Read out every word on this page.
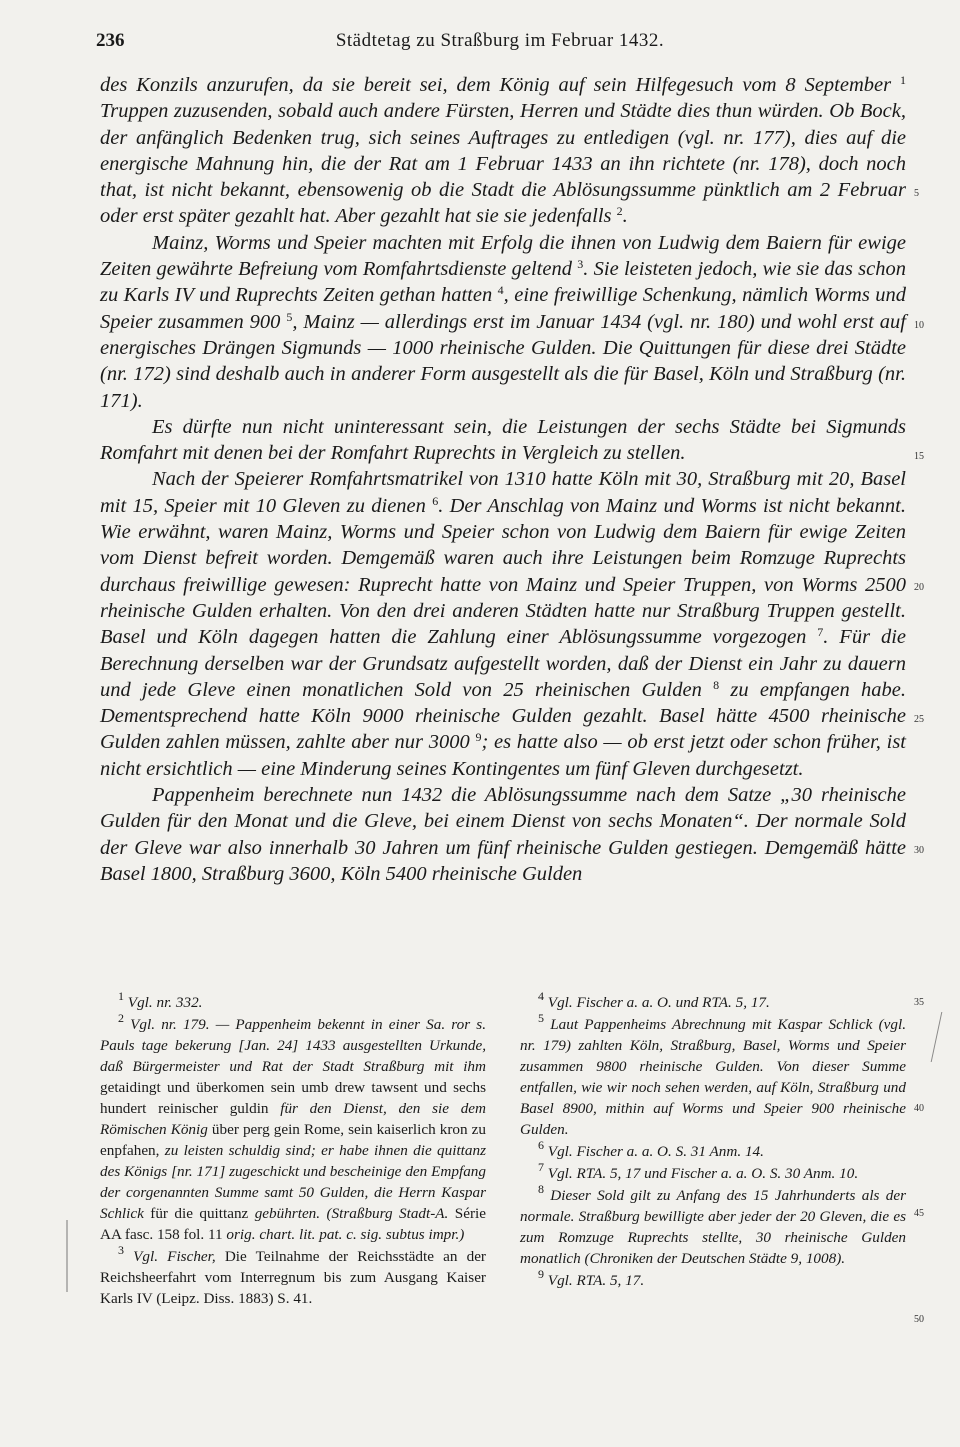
236	Städtetag zu Straßburg im Februar 1432.

des Konzils anzurufen, da sie bereit sei, dem König auf sein Hilfegesuch vom 8 September $^1$ Truppen zuzusenden, sobald auch andere Fürsten, Herren und Städte dies thun würden. Ob Bock, der anfänglich Bedenken trug, sich seines Auftrages zu entledigen (vgl. nr. 177), dies auf die energische Mahnung hin, die der Rat am 1 Februar 1433 an ihn richtete (nr. 178), doch noch that, ist nicht bekannt, ebensowenig ob die Stadt die Ablösungssumme pünktlich am 2 Februar oder erst später gezahlt hat. Aber gezahlt hat sie sie jedenfalls $^2$.

Mainz, Worms und Speier machten mit Erfolg die ihnen von Ludwig dem Baiern für ewige Zeiten gewährte Befreiung vom Romfahrtsdienste geltend $^3$. Sie leisteten jedoch, wie sie das schon zu Karls IV und Ruprechts Zeiten gethan hatten $^4$, eine freiwillige Schenkung, nämlich Worms und Speier zusammen 900 $^5$, Mainz — allerdings erst im Januar 1434 (vgl. nr. 180) und wohl erst auf energisches Drängen Sigmunds — 1000 rheinische Gulden. Die Quittungen für diese drei Städte (nr. 172) sind deshalb auch in anderer Form ausgestellt als die für Basel, Köln und Straßburg (nr. 171).

Es dürfte nun nicht uninteressant sein, die Leistungen der sechs Städte bei Sigmunds Romfahrt mit denen bei der Romfahrt Ruprechts in Vergleich zu stellen.

Nach der Speierer Romfahrtsmatrikel von 1310 hatte Köln mit 30, Straßburg mit 20, Basel mit 15, Speier mit 10 Gleven zu dienen $^6$. Der Anschlag von Mainz und Worms ist nicht bekannt. Wie erwähnt, waren Mainz, Worms und Speier schon von Ludwig dem Baiern für ewige Zeiten vom Dienst befreit worden. Demgemäß waren auch ihre Leistungen beim Romzuge Ruprechts durchaus freiwillige gewesen: Ruprecht hatte von Mainz und Speier Truppen, von Worms 2500 rheinische Gulden erhalten. Von den drei anderen Städten hatte nur Straßburg Truppen gestellt. Basel und Köln dagegen hatten die Zahlung einer Ablösungssumme vorgezogen $^7$. Für die Berechnung derselben war der Grundsatz aufgestellt worden, daß der Dienst ein Jahr zu dauern und jede Gleve einen monatlichen Sold von 25 rheinischen Gulden $^8$ zu empfangen habe. Dementsprechend hatte Köln 9000 rheinische Gulden gezahlt. Basel hätte 4500 rheinische Gulden zahlen müssen, zahlte aber nur 3000 $^9$; es hatte also — ob erst jetzt oder schon früher, ist nicht ersichtlich — eine Minderung seines Kontingentes um fünf Gleven durchgesetzt.

Pappenheim berechnete nun 1432 die Ablösungssumme nach dem Satze „30 rheinische Gulden für den Monat und die Gleve, bei einem Dienst von sechs Monaten“. Der normale Sold der Gleve war also innerhalb 30 Jahren um fünf rheinische Gulden gestiegen. Demgemäß hätte Basel 1800, Straßburg 3600, Köln 5400 rheinische Gulden

5
10
15
20
25
30
35
40
45
50

$^1$ Vgl. nr. 332.

$^2$ Vgl. nr. 179. — Pappenheim bekennt in einer Sa. ror s. Pauls tage bekerung [Jan. 24] 1433 ausgestellten Urkunde, daß Bürgermeister und Rat der Stadt Straßburg mit ihm getaidingt und überkomen sein umb drew tawsent und sechs hundert reinischer guldin für den Dienst, den sie dem Römischen König über perg gein Rome, sein kaiserlich kron zu enpfahen, zu leisten schuldig sind; er habe ihnen die quittanz des Königs [nr. 171] zugeschickt und bescheinige den Empfang der corgenannten Summe samt 50 Gulden, die Herrn Kaspar Schlick für die quittanz gebührten. (Straßburg Stadt-A. Série AA fasc. 158 fol. 11 orig. chart. lit. pat. c. sig. subtus impr.)

$^3$ Vgl. Fischer, Die Teilnahme der Reichsstädte an der Reichsheerfahrt vom Interregnum bis zum Ausgang Kaiser Karls IV (Leipz. Diss. 1883) S. 41.

$^4$ Vgl. Fischer a. a. O. und RTA. 5, 17.

$^5$ Laut Pappenheims Abrechnung mit Kaspar Schlick (vgl. nr. 179) zahlten Köln, Straßburg, Basel, Worms und Speier zusammen 9800 rheinische Gulden. Von dieser Summe entfallen, wie wir noch sehen werden, auf Köln, Straßburg und Basel 8900, mithin auf Worms und Speier 900 rheinische Gulden.

$^6$ Vgl. Fischer a. a. O. S. 31 Anm. 14.

$^7$ Vgl. RTA. 5, 17 und Fischer a. a. O. S. 30 Anm. 10.

$^8$ Dieser Sold gilt zu Anfang des 15 Jahrhunderts als der normale. Straßburg bewilligte aber jeder der 20 Gleven, die es zum Romzuge Ruprechts stellte, 30 rheinische Gulden monatlich (Chroniken der Deutschen Städte 9, 1008).

$^9$ Vgl. RTA. 5, 17.
